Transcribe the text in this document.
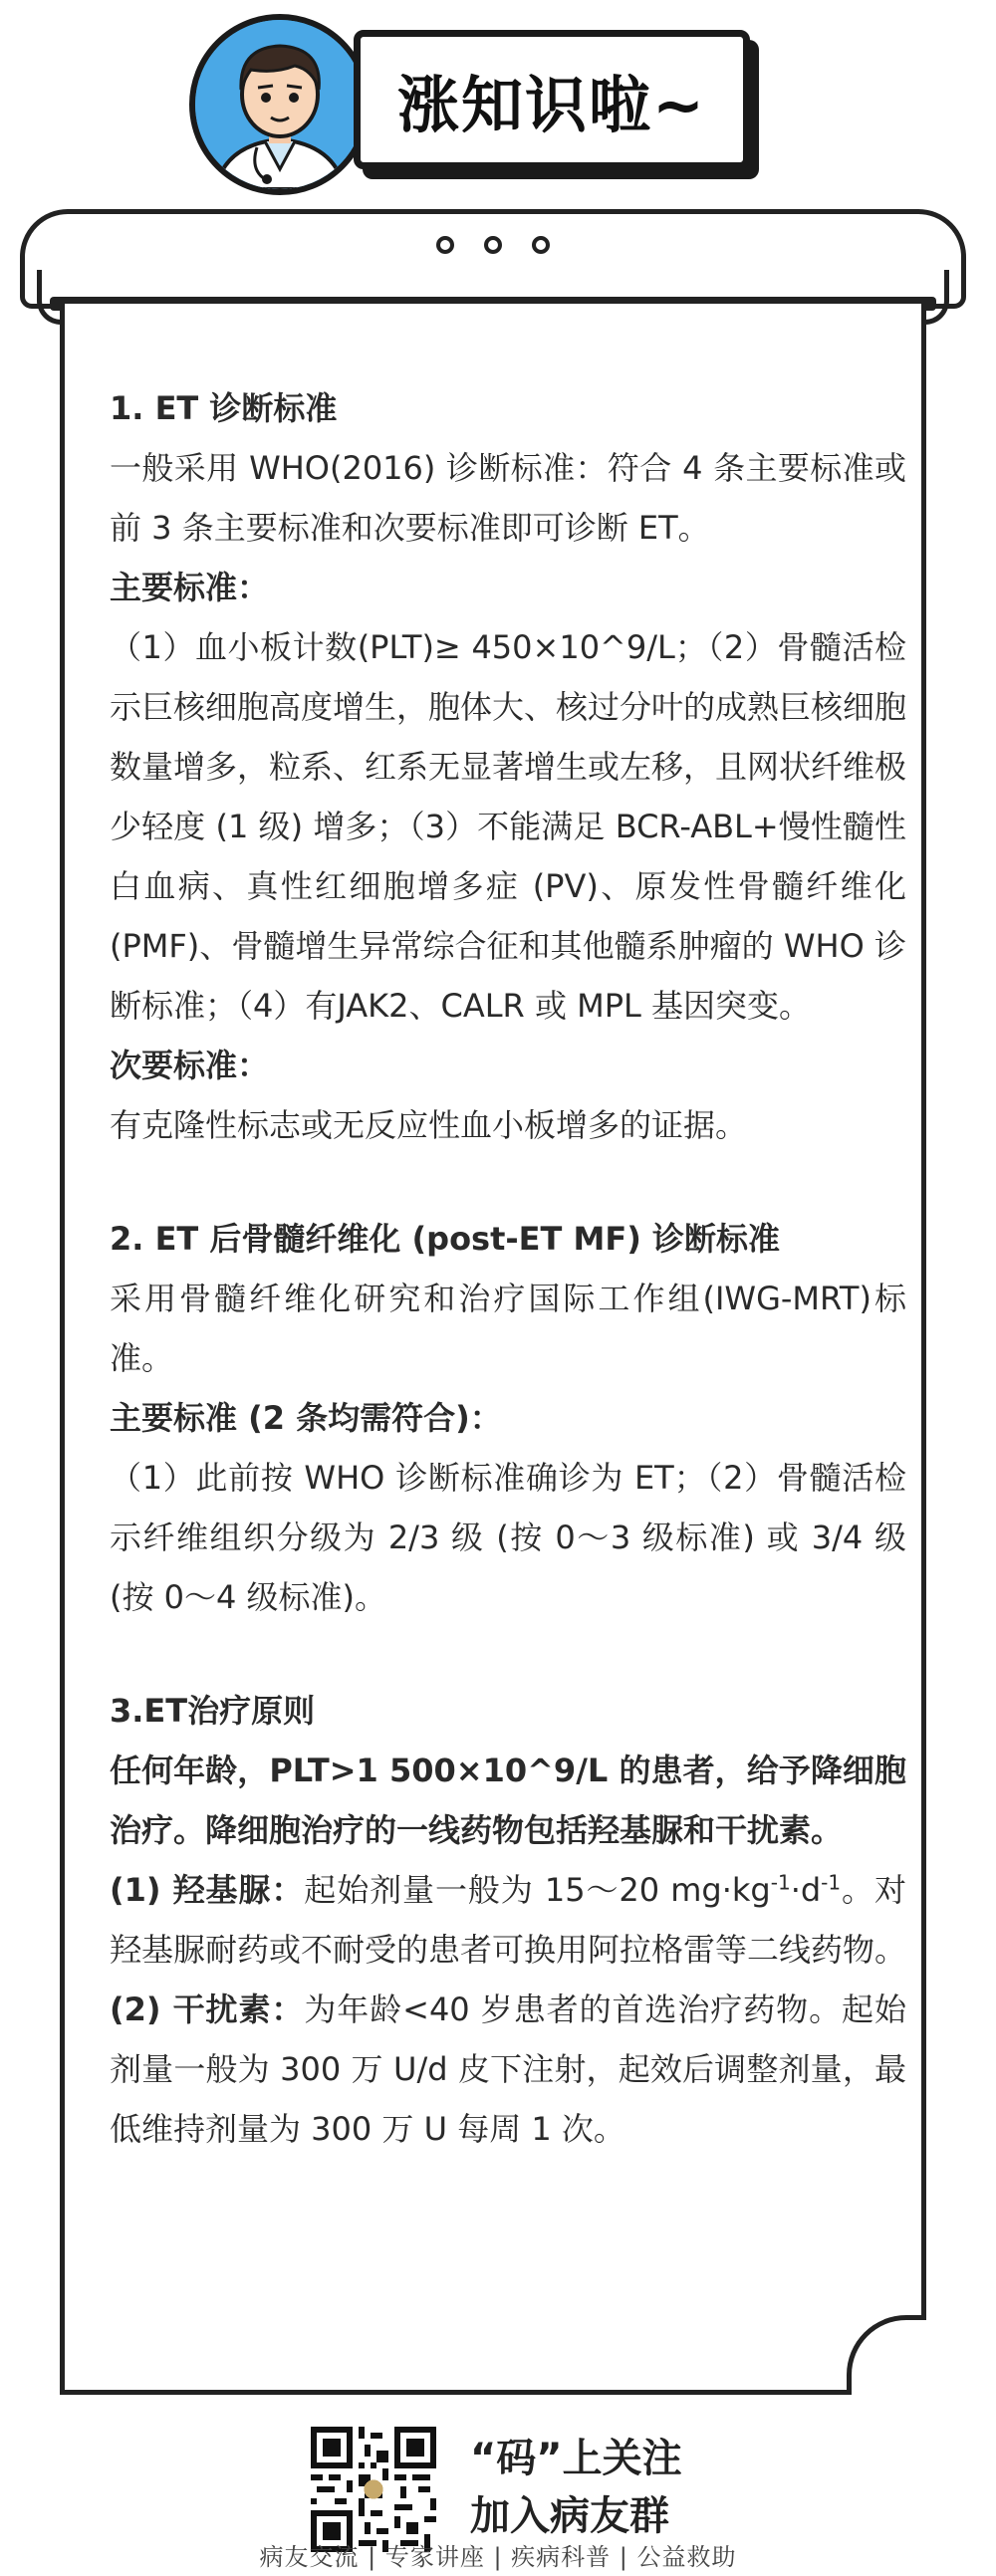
涨知识啦~

1. ET 诊断标准

一般采用 WHO(2016) 诊断标准：符合 4 条主要标准或前 3 条主要标准和次要标准即可诊断 ET。

主要标准：

（1）血小板计数(PLT)≥ 450×10^9/L；（2）骨髓活检示巨核细胞高度增生，胞体大、核过分叶的成熟巨核细胞数量增多，粒系、红系无显著增生或左移，且网状纤维极少轻度 (1 级) 增多；（3）不能满足 BCR-ABL+慢性髓性白血病、真性红细胞增多症 (PV)、原发性骨髓纤维化 (PMF)、骨髓增生异常综合征和其他髓系肿瘤的 WHO 诊断标准；（4）有JAK2、CALR 或 MPL 基因突变。

次要标准：

有克隆性标志或无反应性血小板增多的证据。

2. ET 后骨髓纤维化 (post-ET MF) 诊断标准

采用骨髓纤维化研究和治疗国际工作组(IWG-MRT)标准。

主要标准 (2 条均需符合)：

（1）此前按 WHO 诊断标准确诊为 ET；（2）骨髓活检示纤维组织分级为 2/3 级 (按 0～3 级标准) 或 3/4 级 (按 0～4 级标准)。

3.ET治疗原则

任何年龄，PLT>1 500×10^9/L 的患者，给予降细胞治疗。降细胞治疗的一线药物包括羟基脲和干扰素。

(1) 羟基脲：起始剂量一般为 15～20 $mg\cdot kg^{-1}\cdot d^{-1}$。对羟基脲耐药或不耐受的患者可换用阿拉格雷等二线药物。

(2) 干扰素：为年龄<40 岁患者的首选治疗药物。起始剂量一般为 300 万 U/d 皮下注射，起效后调整剂量，最低维持剂量为 300 万 U 每周 1 次。

“码”上关注
加入病友群
病友交流 | 专家讲座 | 疾病科普 | 公益救助
